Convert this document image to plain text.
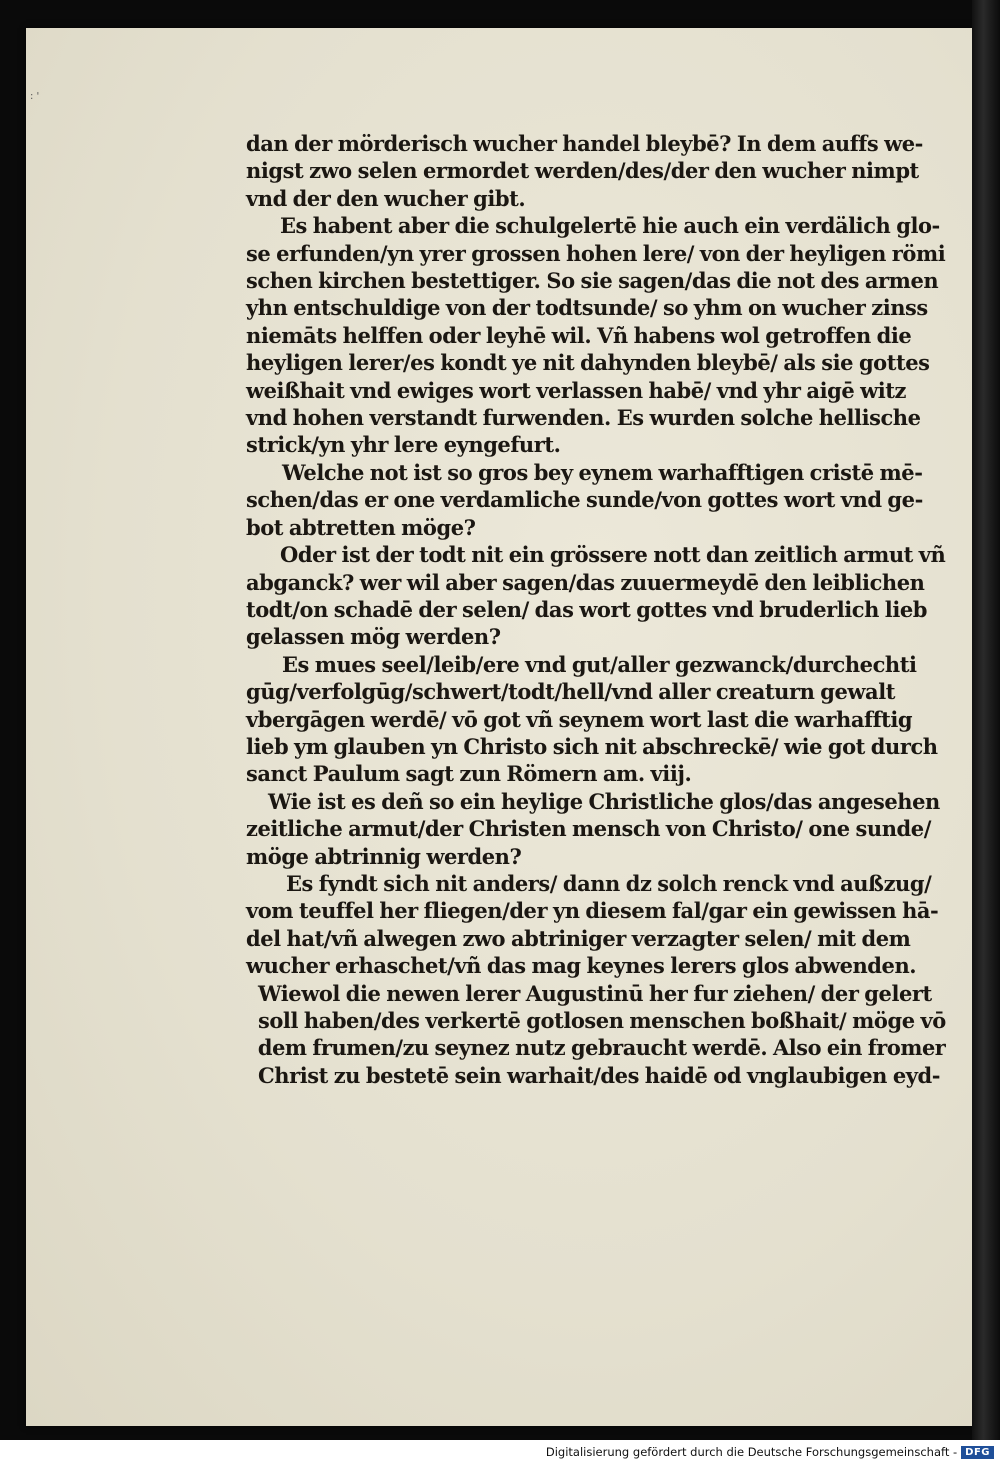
: '
dan der mörderisch wucher handel bleybē? In dem auffs we-
nigst zwo selen ermordet werden/des/der den wucher nimpt
vnd der den wucher gibt.
Es habent aber die schulgelertē hie auch ein verdälich glo-
se erfunden/yn yrer grossen hohen lere/ von der heyligen römi
schen kirchen bestettiger. So sie sagen/das die not des armen
yhn entschuldige von der todtsunde/ so yhm on wucher zinss
niemāts helffen oder leyhē wil. Vñ habens wol getroffen die
heyligen lerer/es kondt ye nit dahynden bleybē/ als sie gottes
weißhait vnd ewiges wort verlassen habē/ vnd yhr aigē witz
vnd hohen verstandt furwenden. Es wurden solche hellische
strick/yn yhr lere eyngefurt.
Welche not ist so gros bey eynem warhafftigen cristē mē-
schen/das er one verdamliche sunde/von gottes wort vnd ge-
bot abtretten möge?
Oder ist der todt nit ein grössere nott dan zeitlich armut vñ
abganck? wer wil aber sagen/das zuuermeydē den leiblichen
todt/on schadē der selen/ das wort gottes vnd bruderlich lieb
gelassen mög werden?
Es mues seel/leib/ere vnd gut/aller gezwanck/durchechti
gūg/verfolgūg/schwert/todt/hell/vnd aller creaturn gewalt
vbergāgen werdē/ vō got vñ seynem wort last die warhafftig
lieb ym glauben yn Christo sich nit abschreckē/ wie got durch
sanct Paulum sagt zun Römern am. viij.
Wie ist es deñ so ein heylige Christliche glos/das angesehen
zeitliche armut/der Christen mensch von Christo/ one sunde/
möge abtrinnig werden?
Es fyndt sich nit anders/ dann dz solch renck vnd außzug/
vom teuffel her fliegen/der yn diesem fal/gar ein gewissen hā-
del hat/vñ alwegen zwo abtriniger verzagter selen/ mit dem
wucher erhaschet/vñ das mag keynes lerers glos abwenden.
Wiewol die newen lerer Augustinū her fur ziehen/ der gelert
soll haben/des verkertē gotlosen menschen boßhait/ möge vō
dem frumen/zu seynez nutz gebraucht werdē. Also ein fromer
Christ zu bestetē sein warhait/des haidē od vnglaubigen eyd-
Digitalisierung gefördert durch die Deutsche Forschungsgemeinschaft - DFG
